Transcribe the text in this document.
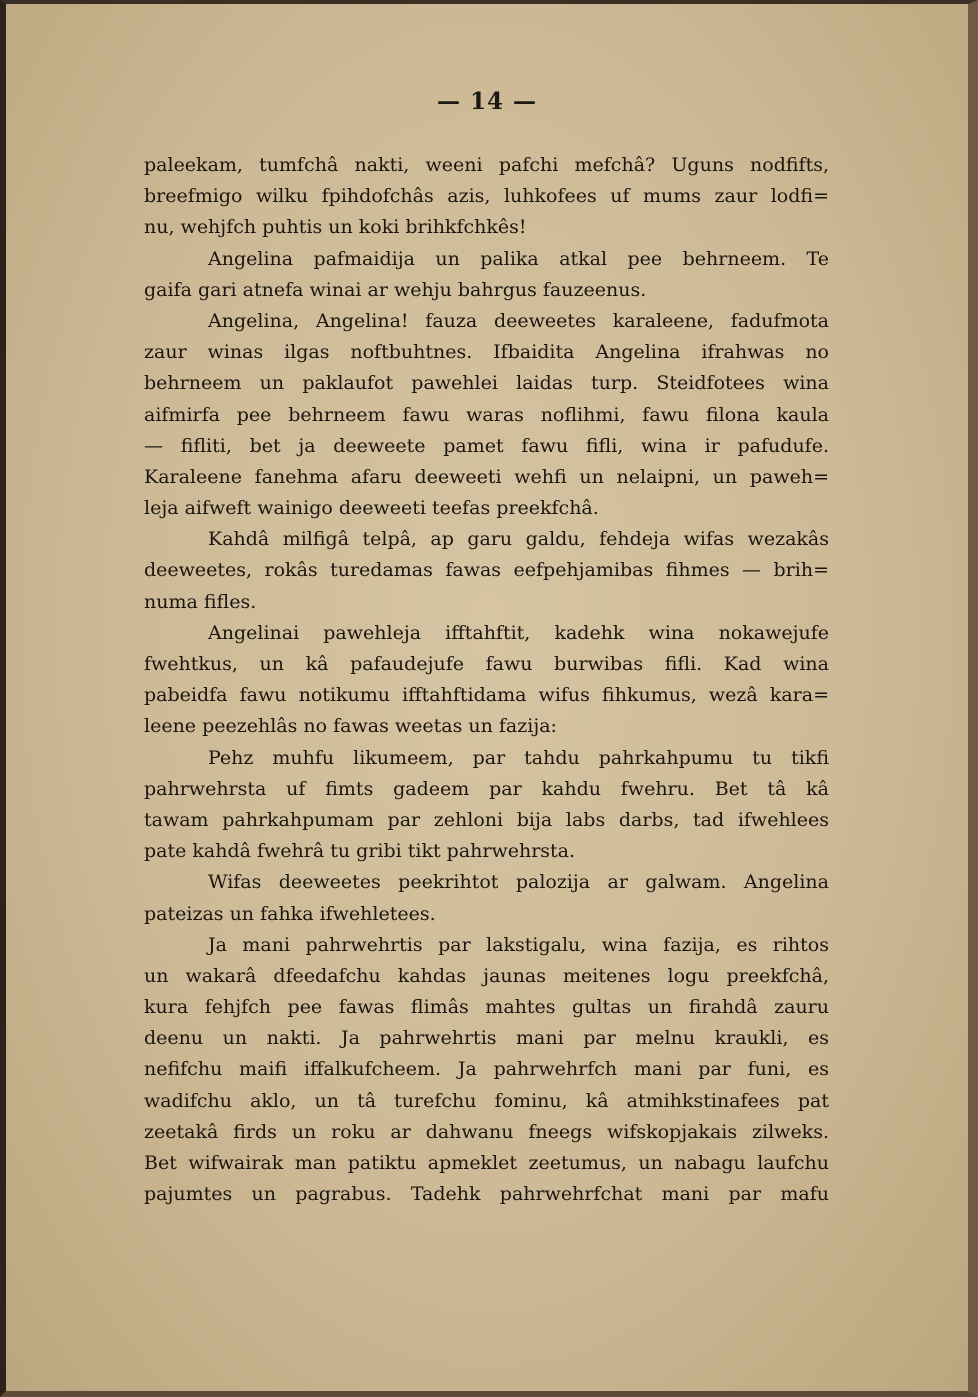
— 14 —
paleekam, tumfchâ nakti, weeni pafchi mefchâ? Uguns nodfifts,
breefmigo wilku fpihdofchâs azis, luhkofees uf mums zaur lodfi=
nu, wehjfch puhtis un koki brihkfchkês!
Angelina pafmaidija un palika atkal pee behrneem. Te
gaifa gari atnefa winai ar wehju bahrgus fauzeenus.
Angelina, Angelina! fauza deeweetes karaleene, fadufmota
zaur winas ilgas noftbuhtnes. Ifbaidita Angelina ifrahwas no
behrneem un paklaufot pawehlei laidas turp. Steidfotees wina
aifmirfa pee behrneem fawu waras noflihmi, fawu filona kaula
— fifliti, bet ja deeweete pamet fawu fifli, wina ir pafudufe.
Karaleene fanehma afaru deeweeti wehfi un nelaipni, un paweh=
leja aifweft wainigo deeweeti teefas preekfchâ.
Kahdâ milfigâ telpâ, ap garu galdu, fehdeja wifas wezakâs
deeweetes, rokâs turedamas fawas eefpehjamibas fihmes — brih=
numa fifles.
Angelinai pawehleja ifftahftit, kadehk wina nokawejufe
fwehtkus, un kâ pafaudejufe fawu burwibas fifli. Kad wina
pabeidfa fawu notikumu ifftahftidama wifus fihkumus, wezâ kara=
leene peezehlâs no fawas weetas un fazija:
Pehz muhfu likumeem, par tahdu pahrkahpumu tu tikfi
pahrwehrsta uf fimts gadeem par kahdu fwehru. Bet tâ kâ
tawam pahrkahpumam par zehloni bija labs darbs, tad ifwehlees
pate kahdâ fwehrâ tu gribi tikt pahrwehrsta.
Wifas deeweetes peekrihtot palozija ar galwam. Angelina
pateizas un fahka ifwehletees.
Ja mani pahrwehrtis par lakstigalu, wina fazija, es rihtos
un wakarâ dfeedafchu kahdas jaunas meitenes logu preekfchâ,
kura fehjfch pee fawas flimâs mahtes gultas un firahdâ zauru
deenu un nakti. Ja pahrwehrtis mani par melnu kraukli, es
nefifchu maifi iffalkufcheem. Ja pahrwehrfch mani par funi, es
wadifchu aklo, un tâ turefchu fominu, kâ atmihkstinafees pat
zeetakâ firds un roku ar dahwanu fneegs wifskopjakais zilweks.
Bet wifwairak man patiktu apmeklet zeetumus, un nabagu laufchu
pajumtes un pagrabus. Tadehk pahrwehrfchat mani par mafu
